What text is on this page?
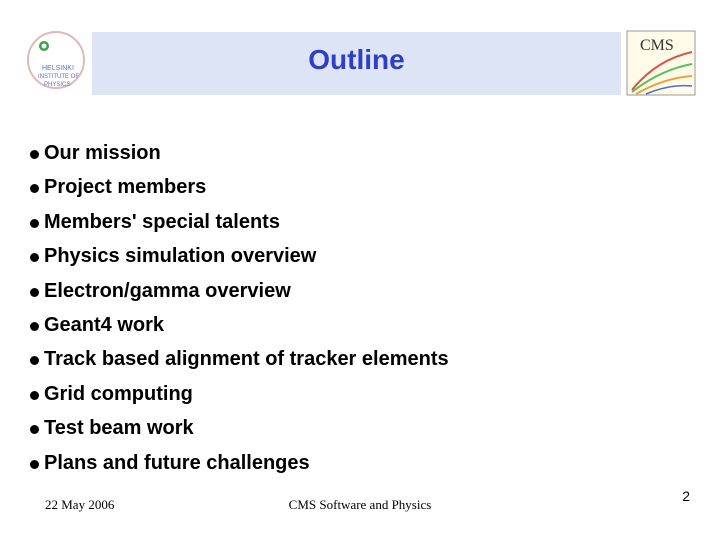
Outline
HELSINKI
INSTITUTE OF
PHYSICS
CMS
Our mission
Project members
Members' special talents
Physics simulation overview
Electron/gamma overview
Geant4 work
Track based alignment of tracker elements
Grid computing
Test beam work
Plans and future challenges
22 May 2006	CMS Software and Physics
2
